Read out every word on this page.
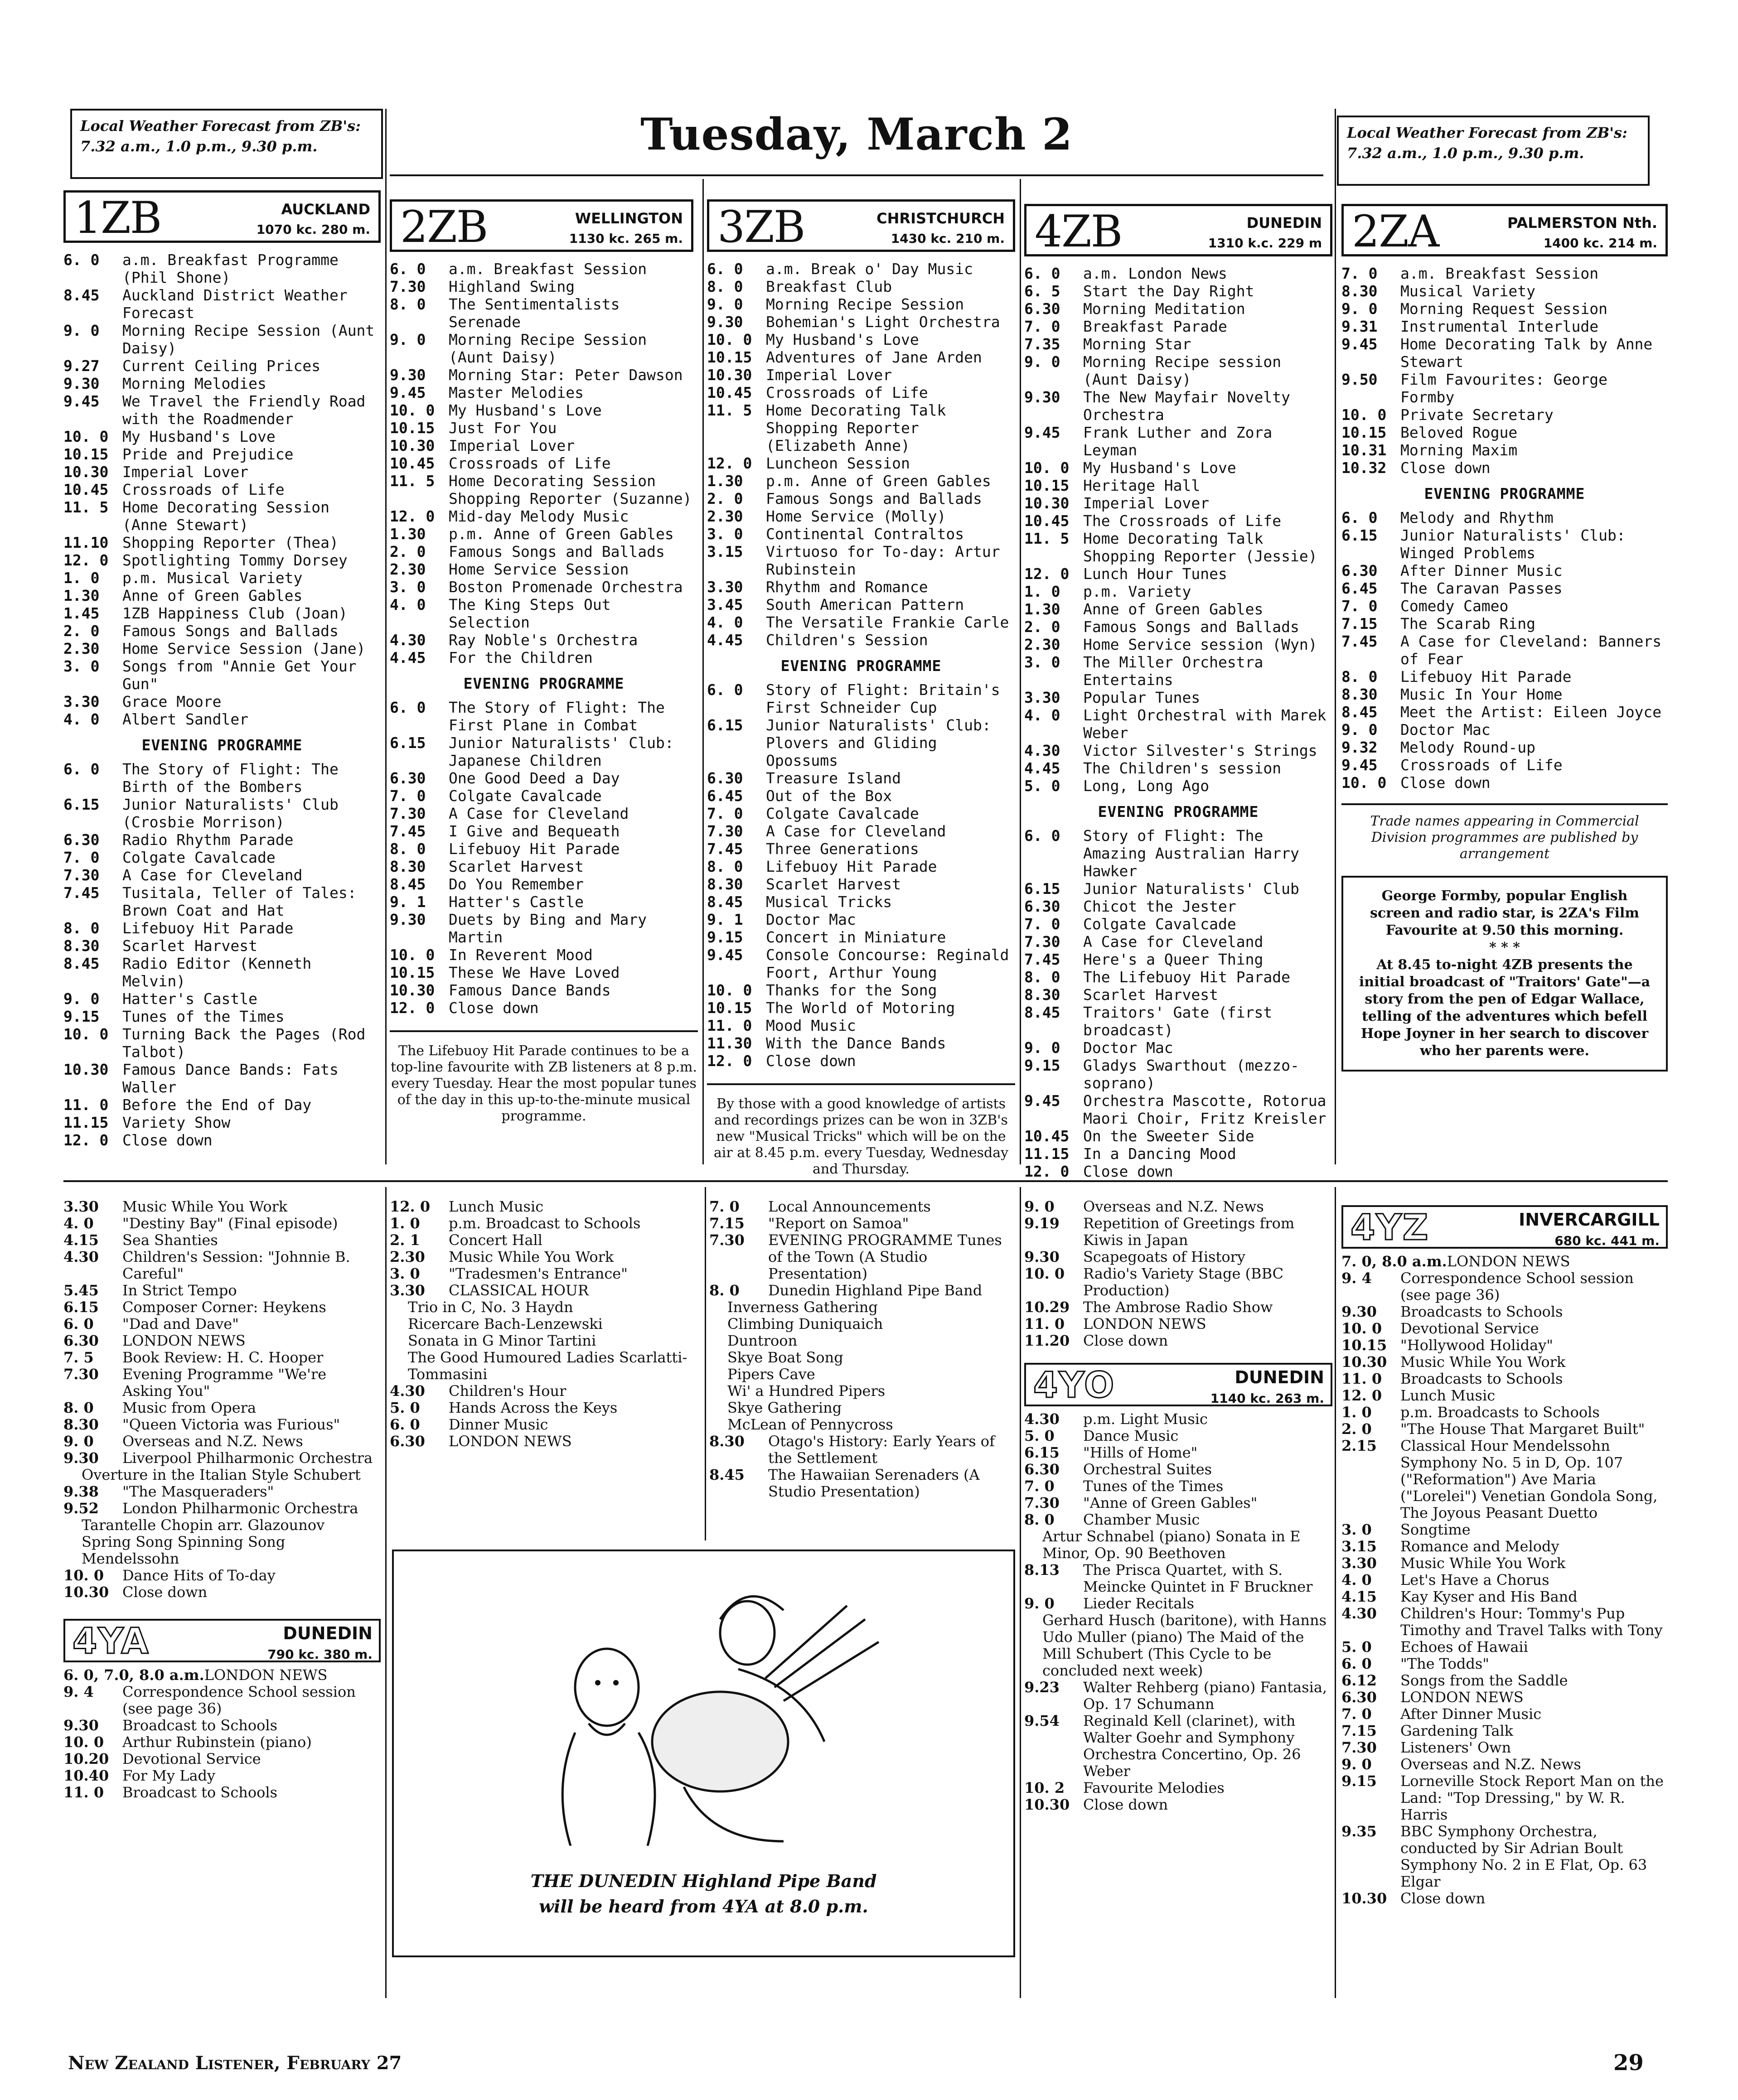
Local Weather Forecast from ZB's:
7.32 a.m., 1.0 p.m., 9.30 p.m.	Tuesday, March 2	Local Weather Forecast from ZB's:
7.32 a.m., 1.0 p.m., 9.30 p.m.
1ZB	AUCKLAND
1070 kc. 280 m.
6. 0	a.m. Breakfast Programme (Phil Shone)
8.45	Auckland District Weather Forecast
9. 0	Morning Recipe Session (Aunt Daisy)
9.27	Current Ceiling Prices
9.30	Morning Melodies
9.45	We Travel the Friendly Road with the Roadmender
10. 0 My Husband's Love
10.15 Pride and Prejudice
10.30 Imperial Lover
10.45 Crossroads of Life
11. 5 Home Decorating Session (Anne Stewart)
11.10 Shopping Reporter (Thea)
12. 0 Spotlighting Tommy Dorsey
1. 0	p.m. Musical Variety
1.30	Anne of Green Gables
1.45	1ZB Happiness Club (Joan)
2. 0	Famous Songs and Ballads
2.30	Home Service Session (Jane)
3. 0	Songs from "Annie Get Your Gun"
3.30	Grace Moore
4. 0	Albert Sandler
EVENING PROGRAMME
6. 0	The Story of Flight: The Birth of the Bombers
6.15	Junior Naturalists' Club (Crosbie Morrison)
6.30	Radio Rhythm Parade
7. 0	Colgate Cavalcade
7.30	A Case for Cleveland
7.45	Tusitala, Teller of Tales: Brown Coat and Hat
8. 0	Lifebuoy Hit Parade
8.30	Scarlet Harvest
8.45	Radio Editor (Kenneth Melvin)
9. 0	Hatter's Castle
9.15	Tunes of the Times
10. 0 Turning Back the Pages (Rod Talbot)
10.30 Famous Dance Bands: Fats Waller
11. 0 Before the End of Day
11.15 Variety Show
12. 0 Close down
2ZB	WELLINGTON
1130 kc. 265 m.
6. 0	a.m. Breakfast Session
7.30	Highland Swing
8. 0	The Sentimentalists Serenade
9. 0	Morning Recipe Session (Aunt Daisy)
9.30	Morning Star: Peter Dawson
9.45	Master Melodies
10. 0 My Husband's Love
10.15 Just For You
10.30 Imperial Lover
10.45 Crossroads of Life
11. 5 Home Decorating Session Shopping Reporter (Suzanne)
12. 0 Mid-day Melody Music
1.30	p.m. Anne of Green Gables
2. 0	Famous Songs and Ballads
2.30	Home Service Session
3. 0	Boston Promenade Orchestra
4. 0	The King Steps Out Selection
4.30	Ray Noble's Orchestra
4.45	For the Children
EVENING PROGRAMME
6. 0	The Story of Flight: The First Plane in Combat
6.15	Junior Naturalists' Club: Japanese Children
6.30	One Good Deed a Day
7. 0	Colgate Cavalcade
7.30	A Case for Cleveland
7.45	I Give and Bequeath
8. 0	Lifebuoy Hit Parade
8.30	Scarlet Harvest
8.45	Do You Remember
9. 1	Hatter's Castle
9.30	Duets by Bing and Mary Martin
10. 0 In Reverent Mood
10.15 These We Have Loved
10.30 Famous Dance Bands
12. 0 Close down
The Lifebuoy Hit Parade continues to be a top-line favourite with ZB listeners at 8 p.m. every Tuesday. Hear the most popular tunes of the day in this up-to-the-minute musical programme.
3ZB	CHRISTCHURCH
1430 kc. 210 m.
6. 0	a.m. Break o' Day Music
8. 0	Breakfast Club
9. 0	Morning Recipe Session
9.30	Bohemian's Light Orchestra
10. 0 My Husband's Love
10.15 Adventures of Jane Arden
10.30 Imperial Lover
10.45 Crossroads of Life
11. 5 Home Decorating Talk Shopping Reporter (Elizabeth Anne)
12. 0 Luncheon Session
1.30	p.m. Anne of Green Gables
2. 0	Famous Songs and Ballads
2.30	Home Service (Molly)
3. 0	Continental Contraltos
3.15	Virtuoso for To-day: Artur Rubinstein
3.30	Rhythm and Romance
3.45	South American Pattern
4. 0	The Versatile Frankie Carle
4.45	Children's Session
EVENING PROGRAMME
6. 0	Story of Flight: Britain's First Schneider Cup
6.15	Junior Naturalists' Club: Plovers and Gliding Opossums
6.30	Treasure Island
6.45	Out of the Box
7. 0	Colgate Cavalcade
7.30	A Case for Cleveland
7.45	Three Generations
8. 0	Lifebuoy Hit Parade
8.30	Scarlet Harvest
8.45	Musical Tricks
9. 1	Doctor Mac
9.15	Concert in Miniature
9.45	Console Concourse: Reginald Foort, Arthur Young
10. 0 Thanks for the Song
10.15 The World of Motoring
11. 0 Mood Music
11.30 With the Dance Bands
12. 0 Close down
By those with a good knowledge of artists and recordings prizes can be won in 3ZB's new "Musical Tricks" which will be on the air at 8.45 p.m. every Tuesday, Wednesday and Thursday.
4ZB	DUNEDIN
1310 k.c. 229 m
6. 0	a.m. London News
6. 5	Start the Day Right
6.30	Morning Meditation
7. 0	Breakfast Parade
7.35	Morning Star
9. 0	Morning Recipe session (Aunt Daisy)
9.30	The New Mayfair Novelty Orchestra
9.45	Frank Luther and Zora Leyman
10. 0 My Husband's Love
10.15 Heritage Hall
10.30 Imperial Lover
10.45 The Crossroads of Life
11. 5 Home Decorating Talk Shopping Reporter (Jessie)
12. 0 Lunch Hour Tunes
1. 0	p.m. Variety
1.30	Anne of Green Gables
2. 0	Famous Songs and Ballads
2.30	Home Service session (Wyn)
3. 0	The Miller Orchestra Entertains
3.30	Popular Tunes
4. 0	Light Orchestral with Marek Weber
4.30	Victor Silvester's Strings
4.45	The Children's session
5. 0	Long, Long Ago
EVENING PROGRAMME
6. 0	Story of Flight: The Amazing Australian Harry Hawker
6.15	Junior Naturalists' Club
6.30	Chicot the Jester
7. 0	Colgate Cavalcade
7.30	A Case for Cleveland
7.45	Here's a Queer Thing
8. 0	The Lifebuoy Hit Parade
8.30	Scarlet Harvest
8.45	Traitors' Gate (first broadcast)
9. 0	Doctor Mac
9.15	Gladys Swarthout (mezzo-soprano)
9.45	Orchestra Mascotte, Rotorua Maori Choir, Fritz Kreisler
10.45 On the Sweeter Side
11.15 In a Dancing Mood
12. 0 Close down
2ZA	PALMERSTON Nth.
1400 kc. 214 m.
7. 0	a.m. Breakfast Session
8.30	Musical Variety
9. 0	Morning Request Session
9.31	Instrumental Interlude
9.45	Home Decorating Talk by Anne Stewart
9.50	Film Favourites: George Formby
10. 0 Private Secretary
10.15 Beloved Rogue
10.31 Morning Maxim
10.32 Close down
EVENING PROGRAMME
6. 0	Melody and Rhythm
6.15	Junior Naturalists' Club: Winged Problems
6.30	After Dinner Music
6.45	The Caravan Passes
7. 0	Comedy Cameo
7.15	The Scarab Ring
7.45	A Case for Cleveland: Banners of Fear
8. 0	Lifebuoy Hit Parade
8.30	Music In Your Home
8.45	Meet the Artist: Eileen Joyce
9. 0	Doctor Mac
9.32	Melody Round-up
9.45	Crossroads of Life
10. 0 Close down
Trade names appearing in Commercial Division programmes are published by arrangement
George Formby, popular English screen and radio star, is 2ZA's Film Favourite at 9.50 this morning.
* * *
At 8.45 to-night 4ZB presents the initial broadcast of "Traitors' Gate"—a story from the pen of Edgar Wallace, telling of the adventures which befell Hope Joyner in her search to discover who her parents were.
3.30	Music While You Work
4. 0	"Destiny Bay" (Final episode)
4.15	Sea Shanties
4.30	Children's Session: "Johnnie B. Careful"
5.45	In Strict Tempo
6.15	Composer Corner: Heykens
6. 0	"Dad and Dave"
6.30	LONDON NEWS
7. 5	Book Review: H. C. Hooper
7.30	Evening Programme "We're Asking You"
8. 0	Music from Opera
8.30	"Queen Victoria was Furious"
9. 0	Overseas and N.Z. News
9.30	Liverpool Philharmonic Orchestra
Overture in the Italian Style Schubert
9.38	"The Masqueraders"
9.52	London Philharmonic Orchestra
Tarantelle Chopin arr. Glazounov
Spring Song Spinning Song Mendelssohn
10. 0	Dance Hits of To-day
10.30 Close down
4YA	DUNEDIN
790 kc. 380 m.
6. 0, 7.0, 8.0 a.m. LONDON NEWS
9. 4	Correspondence School session (see page 36)
9.30	Broadcast to Schools
10. 0	Arthur Rubinstein (piano)
10.20 Devotional Service
10.40 For My Lady
11. 0	Broadcast to Schools
12. 0	Lunch Music
1. 0	p.m. Broadcast to Schools
2. 1	Concert Hall
2.30	Music While You Work
3. 0	"Tradesmen's Entrance"
3.30	CLASSICAL HOUR
Trio in C, No. 3 Haydn
Ricercare Bach-Lenzewski
Sonata in G Minor Tartini
The Good Humoured Ladies Scarlatti-Tommasini
4.30	Children's Hour
5. 0	Hands Across the Keys
6. 0	Dinner Music
6.30	LONDON NEWS
7. 0	Local Announcements
7.15	"Report on Samoa"
7.30	EVENING PROGRAMME Tunes of the Town (A Studio Presentation)
8. 0	Dunedin Highland Pipe Band
Inverness Gathering
Climbing Duniquaich
Duntroon
Skye Boat Song
Pipers Cave
Wi' a Hundred Pipers
Skye Gathering
McLean of Pennycross
8.30	Otago's History: Early Years of the Settlement
8.45	The Hawaiian Serenaders (A Studio Presentation)
THE DUNEDIN Highland Pipe Band
will be heard from 4YA at 8.0 p.m.
9. 0	Overseas and N.Z. News
9.19	Repetition of Greetings from Kiwis in Japan
9.30	Scapegoats of History
10. 0	Radio's Variety Stage (BBC Production)
10.29 The Ambrose Radio Show
11. 0	LONDON NEWS
11.20 Close down
4YO	DUNEDIN
1140 kc. 263 m.
4.30	p.m. Light Music
5. 0	Dance Music
6.15	"Hills of Home"
6.30	Orchestral Suites
7. 0	Tunes of the Times
7.30	"Anne of Green Gables"
8. 0	Chamber Music
Artur Schnabel (piano) Sonata in E Minor, Op. 90 Beethoven
8.13	The Prisca Quartet, with S. Meincke Quintet in F Bruckner
9. 0	Lieder Recitals
Gerhard Husch (baritone), with Hanns Udo Muller (piano) The Maid of the Mill Schubert (This Cycle to be concluded next week)
9.23	Walter Rehberg (piano) Fantasia, Op. 17 Schumann
9.54	Reginald Kell (clarinet), with Walter Goehr and Symphony Orchestra Concertino, Op. 26 Weber
10. 2	Favourite Melodies
10.30 Close down
4YZ	INVERCARGILL
680 kc. 441 m.
7. 0, 8.0 a.m. LONDON NEWS
9. 4	Correspondence School session (see page 36)
9.30	Broadcasts to Schools
10. 0	Devotional Service
10.15 "Hollywood Holiday"
10.30 Music While You Work
11. 0	Broadcasts to Schools
12. 0	Lunch Music
1. 0	p.m. Broadcasts to Schools
2. 0	"The House That Margaret Built"
2.15	Classical Hour Mendelssohn Symphony No. 5 in D, Op. 107 ("Reformation") Ave Maria ("Lorelei") Venetian Gondola Song, The Joyous Peasant Duetto
3. 0	Songtime
3.15	Romance and Melody
3.30	Music While You Work
4. 0	Let's Have a Chorus
4.15	Kay Kyser and His Band
4.30	Children's Hour: Tommy's Pup Timothy and Travel Talks with Tony
5. 0	Echoes of Hawaii
6. 0	"The Todds"
6.12	Songs from the Saddle
6.30	LONDON NEWS
7. 0	After Dinner Music
7.15	Gardening Talk
7.30	Listeners' Own
9. 0	Overseas and N.Z. News
9.15	Lorneville Stock Report Man on the Land: "Top Dressing," by W. R. Harris
9.35	BBC Symphony Orchestra, conducted by Sir Adrian Boult Symphony No. 2 in E Flat, Op. 63 Elgar
10.30 Close down
New Zealand Listener, February 27	29
